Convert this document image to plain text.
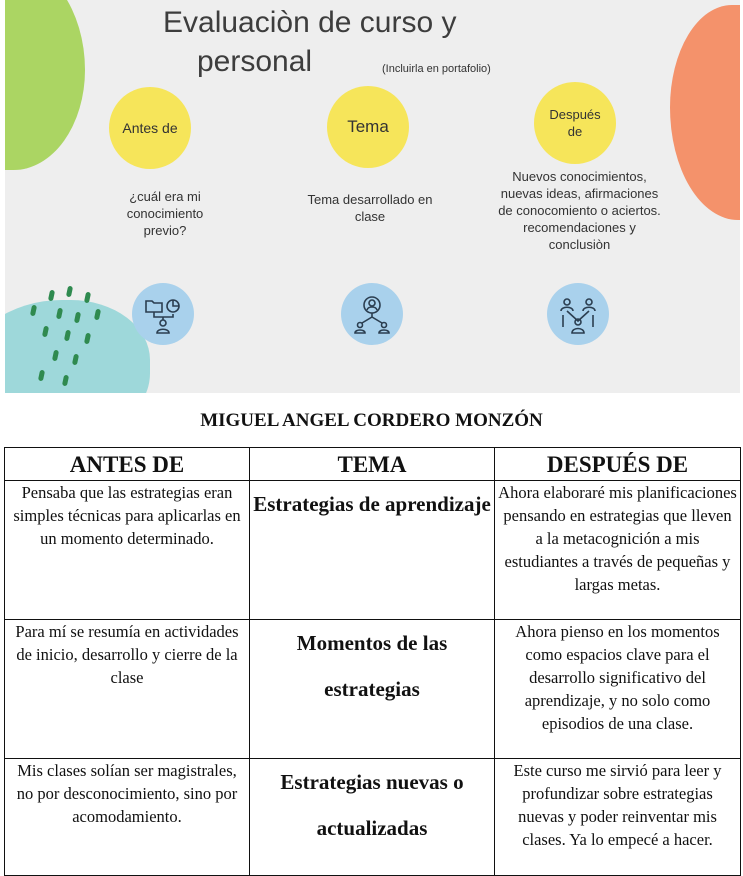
Evaluaciòn de curso y
personal	(Incluirla en portafolio)
Antes de	Tema
Después de
¿cuál era mi conocimiento previo?
Tema desarrollado en clase
Nuevos conocimientos, nuevas ideas, afirmaciones de conocomiento o aciertos. recomendaciones y conclusiòn
MIGUEL ANGEL CORDERO MONZÓN
ANTES DE	TEMA	DESPUÉS DE
Pensaba que las estrategias eran simples técnicas para aplicarlas en un momento determinado.	Estrategias de aprendizaje	Ahora elaboraré mis planificaciones pensando en estrategias que lleven a la metacognición a mis estudiantes a través de pequeñas y largas metas.
Para mí se resumía en actividades de inicio, desarrollo y cierre de la clase	Momentos de las estrategias	Ahora pienso en los momentos como espacios clave para el desarrollo significativo del aprendizaje, y no solo como episodios de una clase.
Mis clases solían ser magistrales, no por desconocimiento, sino por acomodamiento.	Estrategias nuevas o actualizadas	Este curso me sirvió para leer y profundizar sobre estrategias nuevas y poder reinventar mis clases. Ya lo empecé a hacer.
